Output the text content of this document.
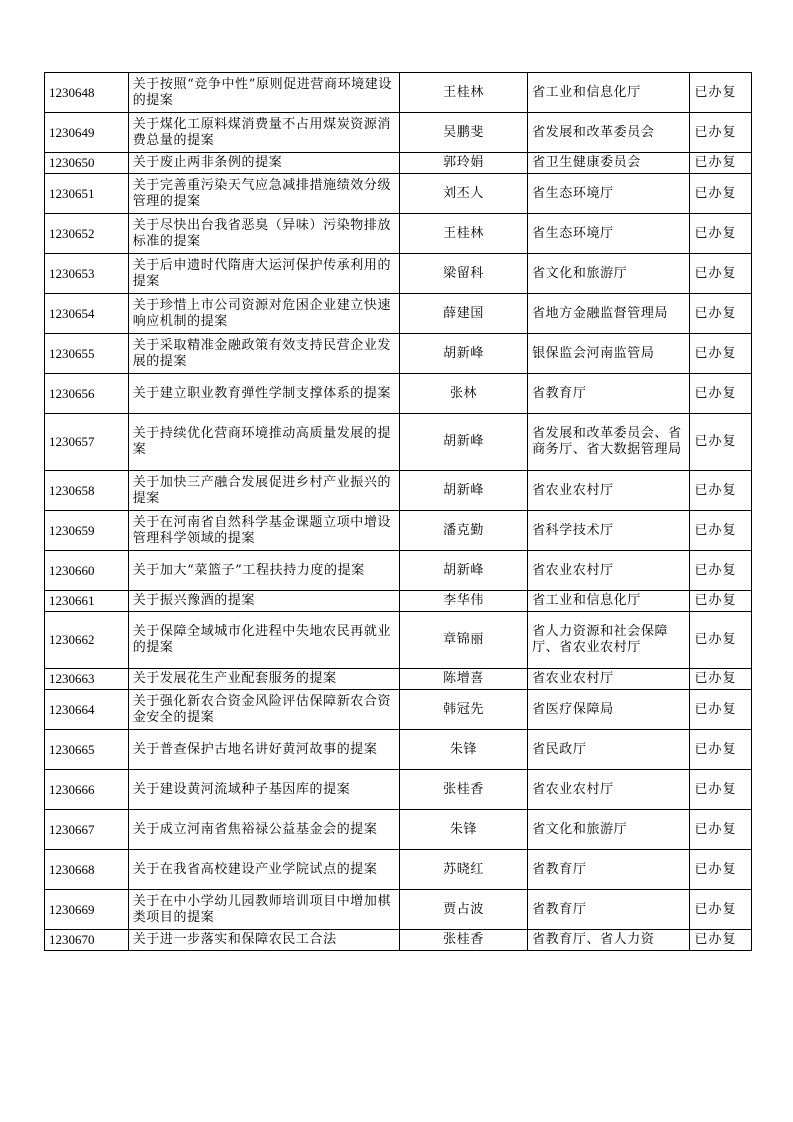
1230648	关于按照“竞争中性”原则促进营商环境建设的提案	王桂林	省工业和信息化厅	已办复
1230649	关于煤化工原料煤消费量不占用煤炭资源消费总量的提案	吴鹏斐	省发展和改革委员会	已办复
1230650	关于废止两非条例的提案	郭玲娟	省卫生健康委员会	已办复
1230651	关于完善重污染天气应急减排措施绩效分级管理的提案	刘丕人	省生态环境厅	已办复
1230652	关于尽快出台我省恶臭（异味）污染物排放标准的提案	王桂林	省生态环境厅	已办复
1230653	关于后申遗时代隋唐大运河保护传承利用的提案	梁留科	省文化和旅游厅	已办复
1230654	关于珍惜上市公司资源对危困企业建立快速响应机制的提案	薛建国	省地方金融监督管理局	已办复
1230655	关于采取精准金融政策有效支持民营企业发展的提案	胡新峰	银保监会河南监管局	已办复
1230656	关于建立职业教育弹性学制支撑体系的提案	张林	省教育厅	已办复
1230657	关于持续优化营商环境推动高质量发展的提案	胡新峰	省发展和改革委员会、省商务厅、省大数据管理局	已办复
1230658	关于加快三产融合发展促进乡村产业振兴的提案	胡新峰	省农业农村厅	已办复
1230659	关于在河南省自然科学基金课题立项中增设管理科学领域的提案	潘克勤	省科学技术厅	已办复
1230660	关于加大“菜篮子”工程扶持力度的提案	胡新峰	省农业农村厅	已办复
1230661	关于振兴豫酒的提案	李华伟	省工业和信息化厅	已办复
1230662	关于保障全域城市化进程中失地农民再就业的提案	章锦丽	省人力资源和社会保障厅、省农业农村厅	已办复
1230663	关于发展花生产业配套服务的提案	陈增喜	省农业农村厅	已办复
1230664	关于强化新农合资金风险评估保障新农合资金安全的提案	韩冠先	省医疗保障局	已办复
1230665	关于普查保护古地名讲好黄河故事的提案	朱锋	省民政厅	已办复
1230666	关于建设黄河流域种子基因库的提案	张桂香	省农业农村厅	已办复
1230667	关于成立河南省焦裕禄公益基金会的提案	朱锋	省文化和旅游厅	已办复
1230668	关于在我省高校建设产业学院试点的提案	苏晓红	省教育厅	已办复
1230669	关于在中小学幼儿园教师培训项目中增加棋类项目的提案	贾占波	省教育厅	已办复
1230670	关于进一步落实和保障农民工合法	张桂香	省教育厅、省人力资	已办复
